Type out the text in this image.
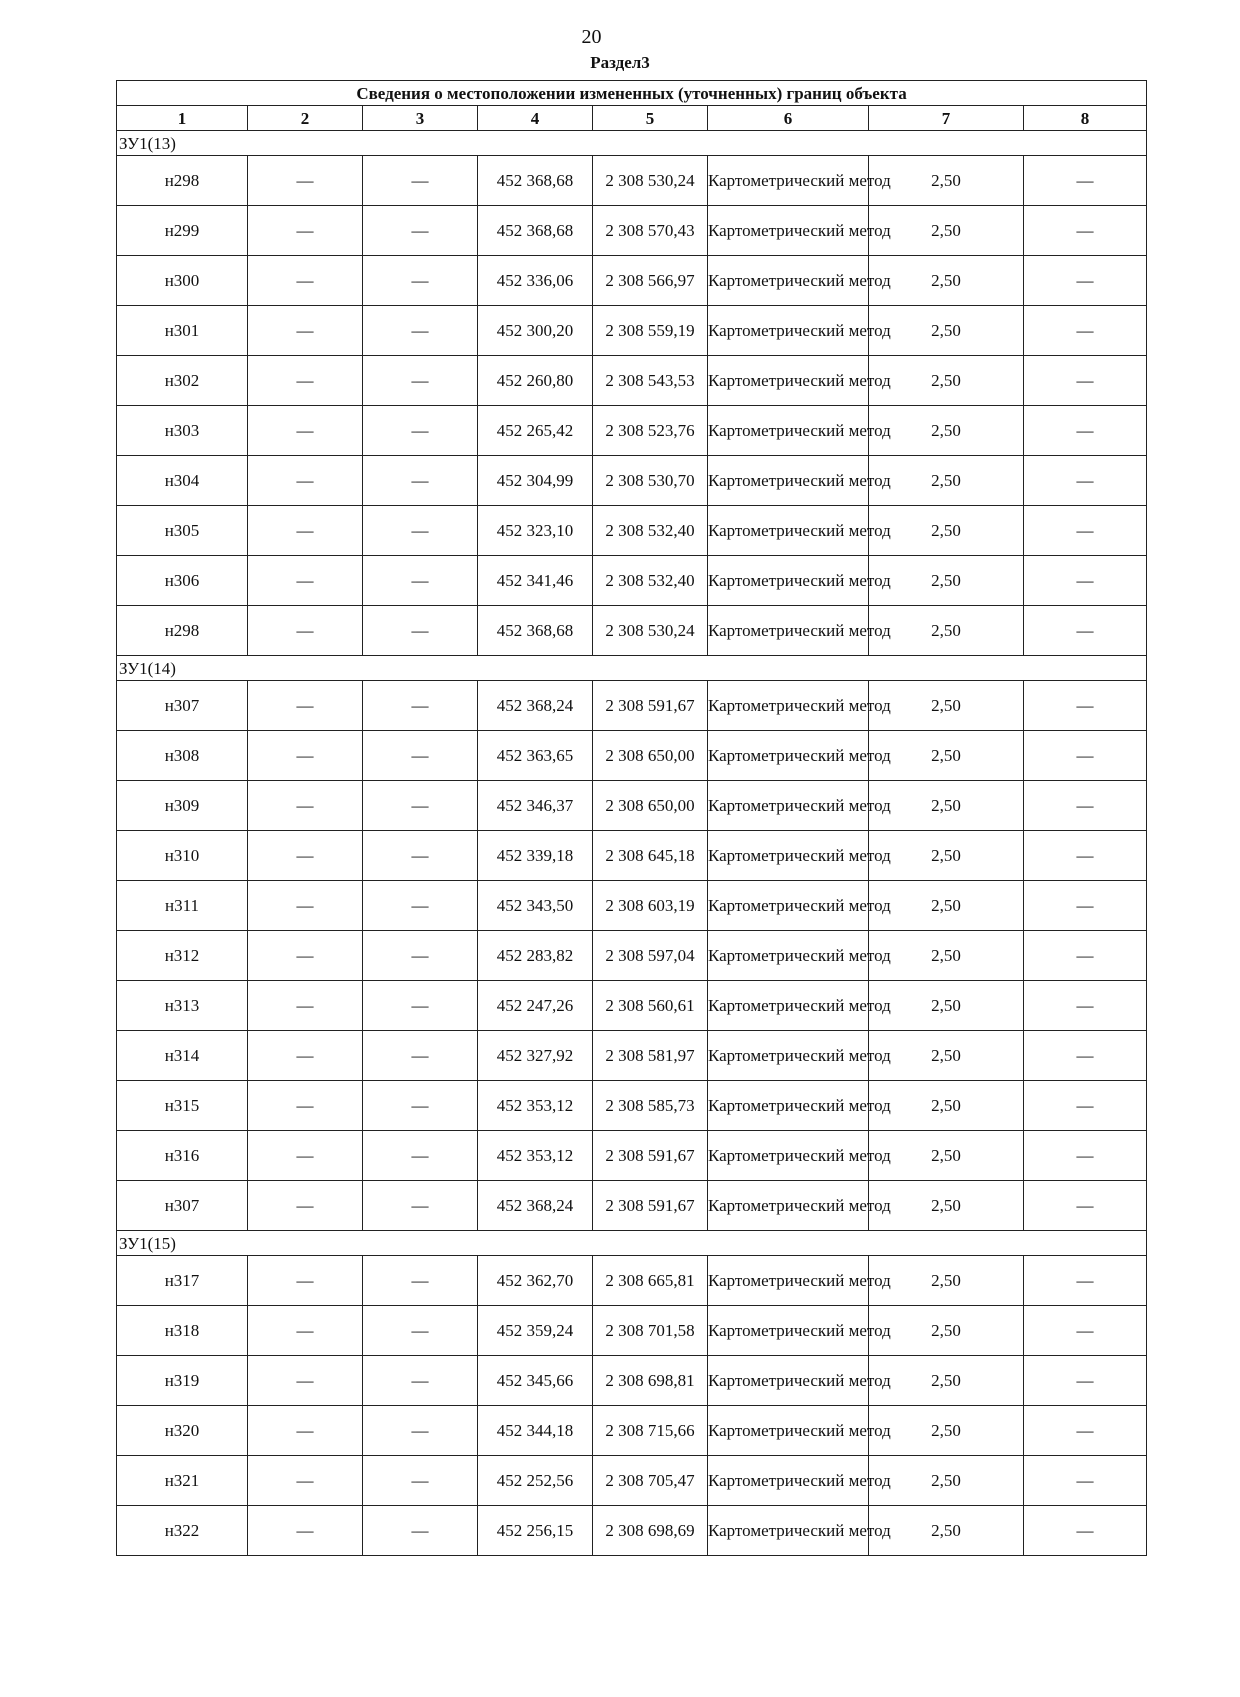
20
Раздел3
Сведения о местоположении измененных (уточненных) границ объекта							
1	2	3	4	5	6	7	8
ЗУ1(13)							
н298	—	—	452 368,68	2 308 530,24	Картометрический метод	2,50	—
н299	—	—	452 368,68	2 308 570,43	Картометрический метод	2,50	—
н300	—	—	452 336,06	2 308 566,97	Картометрический метод	2,50	—
н301	—	—	452 300,20	2 308 559,19	Картометрический метод	2,50	—
н302	—	—	452 260,80	2 308 543,53	Картометрический метод	2,50	—
н303	—	—	452 265,42	2 308 523,76	Картометрический метод	2,50	—
н304	—	—	452 304,99	2 308 530,70	Картометрический метод	2,50	—
н305	—	—	452 323,10	2 308 532,40	Картометрический метод	2,50	—
н306	—	—	452 341,46	2 308 532,40	Картометрический метод	2,50	—
н298	—	—	452 368,68	2 308 530,24	Картометрический метод	2,50	—
ЗУ1(14)							
н307	—	—	452 368,24	2 308 591,67	Картометрический метод	2,50	—
н308	—	—	452 363,65	2 308 650,00	Картометрический метод	2,50	—
н309	—	—	452 346,37	2 308 650,00	Картометрический метод	2,50	—
н310	—	—	452 339,18	2 308 645,18	Картометрический метод	2,50	—
н311	—	—	452 343,50	2 308 603,19	Картометрический метод	2,50	—
н312	—	—	452 283,82	2 308 597,04	Картометрический метод	2,50	—
н313	—	—	452 247,26	2 308 560,61	Картометрический метод	2,50	—
н314	—	—	452 327,92	2 308 581,97	Картометрический метод	2,50	—
н315	—	—	452 353,12	2 308 585,73	Картометрический метод	2,50	—
н316	—	—	452 353,12	2 308 591,67	Картометрический метод	2,50	—
н307	—	—	452 368,24	2 308 591,67	Картометрический метод	2,50	—
ЗУ1(15)							
н317	—	—	452 362,70	2 308 665,81	Картометрический метод	2,50	—
н318	—	—	452 359,24	2 308 701,58	Картометрический метод	2,50	—
н319	—	—	452 345,66	2 308 698,81	Картометрический метод	2,50	—
н320	—	—	452 344,18	2 308 715,66	Картометрический метод	2,50	—
н321	—	—	452 252,56	2 308 705,47	Картометрический метод	2,50	—
н322	—	—	452 256,15	2 308 698,69	Картометрический метод	2,50	—
